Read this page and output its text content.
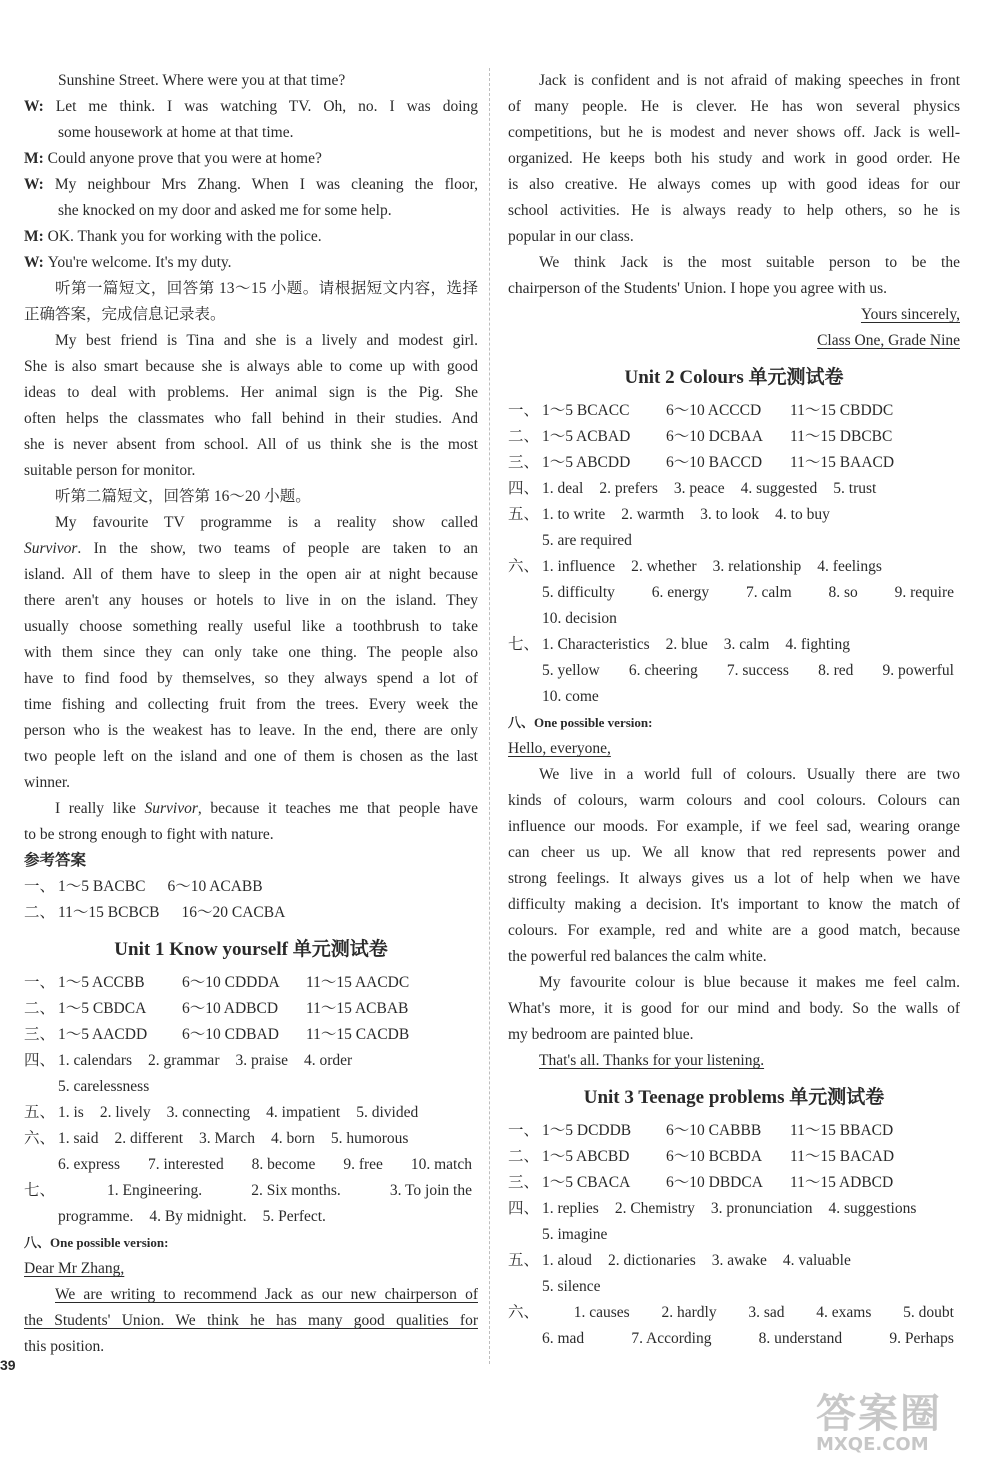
Sunshine Street. Where were you at that time?
W: Let me think. I was watching TV. Oh, no. I was doing
some housework at home at that time.
M: Could anyone prove that you were at home?
W: My neighbour Mrs Zhang. When I was cleaning the floor,
she knocked on my door and asked me for some help.
M: OK. Thank you for working with the police.
W: You're welcome. It's my duty.
听第一篇短文，回答第 13～15 小题。请根据短文内容，选择
正确答案，完成信息记录表。
My best friend is Tina and she is a lively and modest girl.
She is also smart because she is always able to come up with good
ideas to deal with problems. Her animal sign is the Pig. She
often helps the classmates who fall behind in their studies. And
she is never absent from school. All of us think she is the most
suitable person for monitor.
听第二篇短文，回答第 16～20 小题。
My favourite TV programme is a reality show called
Survivor. In the show, two teams of people are taken to an
island. All of them have to sleep in the open air at night because
there aren't any houses or hotels to live in on the island. They
usually choose something really useful like a toothbrush to take
with them since they can only take one thing. The people also
have to find food by themselves, so they always spend a lot of
time fishing and collecting fruit from the trees. Every week the
person who is the weakest has to leave. In the end, there are only
two people left on the island and one of them is chosen as the last
winner.
I really like Survivor, because it teaches me that people have
to be strong enough to fight with nature.
参考答案
一、 1～5 BACBC 6～10 ACABB
二、 11～15 BCBCB 16～20 CACBA
Unit 1 Know yourself 单元测试卷
一、 1～5 ACCBB	6～10 CDDDA	11～15 AACDC
二、 1～5 CBDCA	6～10 ADBCD	11～15 ACBAB
三、 1～5 AACDD	6～10 CDBAD	11～15 CACDB
四、 1. calendars 2. grammar 3. praise 4. order
5. carelessness
五、 1. is 2. lively 3. connecting 4. impatient 5. divided
六、 1. said 2. different 3. March 4. born 5. humorous
6. express 7. interested 8. become 9. free 10. match
七、	1. Engineering.	2. Six months.	3. To join the
programme. 4. By midnight. 5. Perfect.
八、One possible version:
Dear Mr Zhang,
We are writing to recommend Jack as our new chairperson of
the Students' Union. We think he has many good qualities for
this position.
Jack is confident and is not afraid of making speeches in front
of many people. He is clever. He has won several physics
competitions, but he is modest and never shows off. Jack is well-
organized. He keeps both his study and work in good order. He
is also creative. He always comes up with good ideas for our
school activities. He is always ready to help others, so he is
popular in our class.
We think Jack is the most suitable person to be the
chairperson of the Students' Union. I hope you agree with us.
Yours sincerely,
Class One, Grade Nine
Unit 2 Colours 单元测试卷
一、 1～5 BCACC	6～10 ACCCD	11～15 CBDDC
二、 1～5 ACBAD	6～10 DCBAA	11～15 DBCBC
三、 1～5 ABCDD	6～10 BACCD	11～15 BAACD
四、 1. deal 2. prefers 3. peace 4. suggested 5. trust
五、 1. to write 2. warmth 3. to look 4. to buy
5. are required
六、 1. influence 2. whether 3. relationship 4. feelings
5. difficulty 6. energy 7. calm 8. so 9. require
10. decision
七、 1. Characteristics 2. blue 3. calm 4. fighting
5. yellow 6. cheering 7. success 8. red 9. powerful
10. come
八、One possible version:
Hello, everyone,
We live in a world full of colours. Usually there are two
kinds of colours, warm colours and cool colours. Colours can
influence our moods. For example, if we feel sad, wearing orange
can cheer us up. We all know that red represents power and
strong feelings. It always gives us a lot of help when we have
difficulty making a decision. It's important to know the match of
colours. For example, red and white are a good match, because
the powerful red balances the calm white.
My favourite colour is blue because it makes me feel calm.
What's more, it is good for our mind and body. So the walls of
my bedroom are painted blue.
That's all. Thanks for your listening.
Unit 3 Teenage problems 单元测试卷
一、 1～5 DCDDB	6～10 CABBB	11～15 BBACD
二、 1～5 ABCBD	6～10 BCBDA	11～15 BACAD
三、 1～5 CBACA	6～10 DBDCA	11～15 ADBCD
四、 1. replies 2. Chemistry 3. pronunciation 4. suggestions
5. imagine
五、 1. aloud 2. dictionaries 3. awake 4. valuable
5. silence
六、 1. causes 2. hardly 3. sad 4. exams 5. doubt
6. mad	7. According	8. understand	9. Perhaps
39
答案圈
MXQE.COM
